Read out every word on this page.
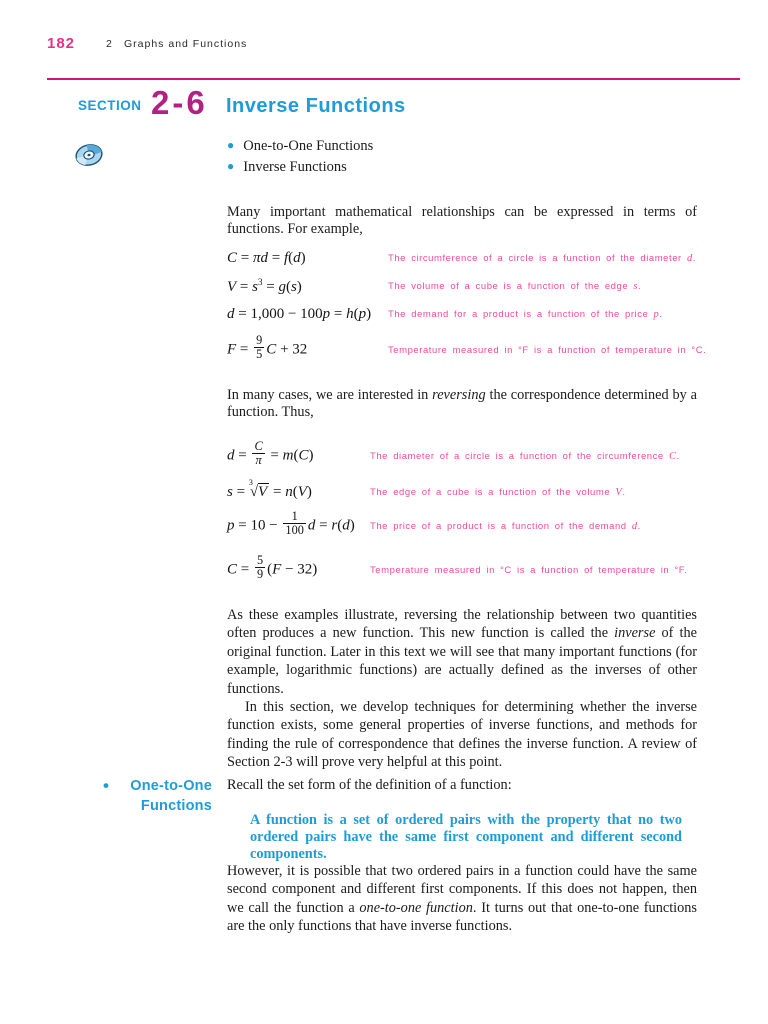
182	2 Graphs and Functions
SECTION 2-6 Inverse Functions
● One-to-One Functions
● Inverse Functions

Many important mathematical relationships can be expressed in terms of functions. For example,

C = πd = f(d)	The circumference of a circle is a function of the diameter d.
$V = s^3 = g(s)$	The volume of a cube is a function of the edge s.
d = 1,000 − 100p = h(p)	The demand for a product is a function of the price p.
$F = \frac{9}{5}$ C + 32	Temperature measured in °F is a function of temperature in °C.

In many cases, we are interested in reversing the correspondence determined by a function. Thus,

$d = \frac{C}{\pi} = m(C)$	The diameter of a circle is a function of the circumference C.
s = $^3$√V = n(V)	The edge of a cube is a function of the volume V.
$p = 10 - \frac{1}{100}$ d = r(d)	The price of a product is a function of the demand d.
$C = \frac{5}{9} (F - 32)$	Temperature measured in °C is a function of temperature in °F.

As these examples illustrate, reversing the relationship between two quantities often produces a new function. This new function is called the inverse of the original function. Later in this text we will see that many important functions (for example, logarithmic functions) are actually defined as the inverses of other functions.

In this section, we develop techniques for determining whether the inverse function exists, some general properties of inverse functions, and methods for finding the rule of correspondence that defines the inverse function. A review of Section 2-3 will prove very helpful at this point.

•	One-to-One Functions

Recall the set form of the definition of a function:

A function is a set of ordered pairs with the property that no two ordered pairs have the same first component and different second components.

However, it is possible that two ordered pairs in a function could have the same second component and different first components. If this does not happen, then we call the function a one-to-one function. It turns out that one-to-one functions are the only functions that have inverse functions.
